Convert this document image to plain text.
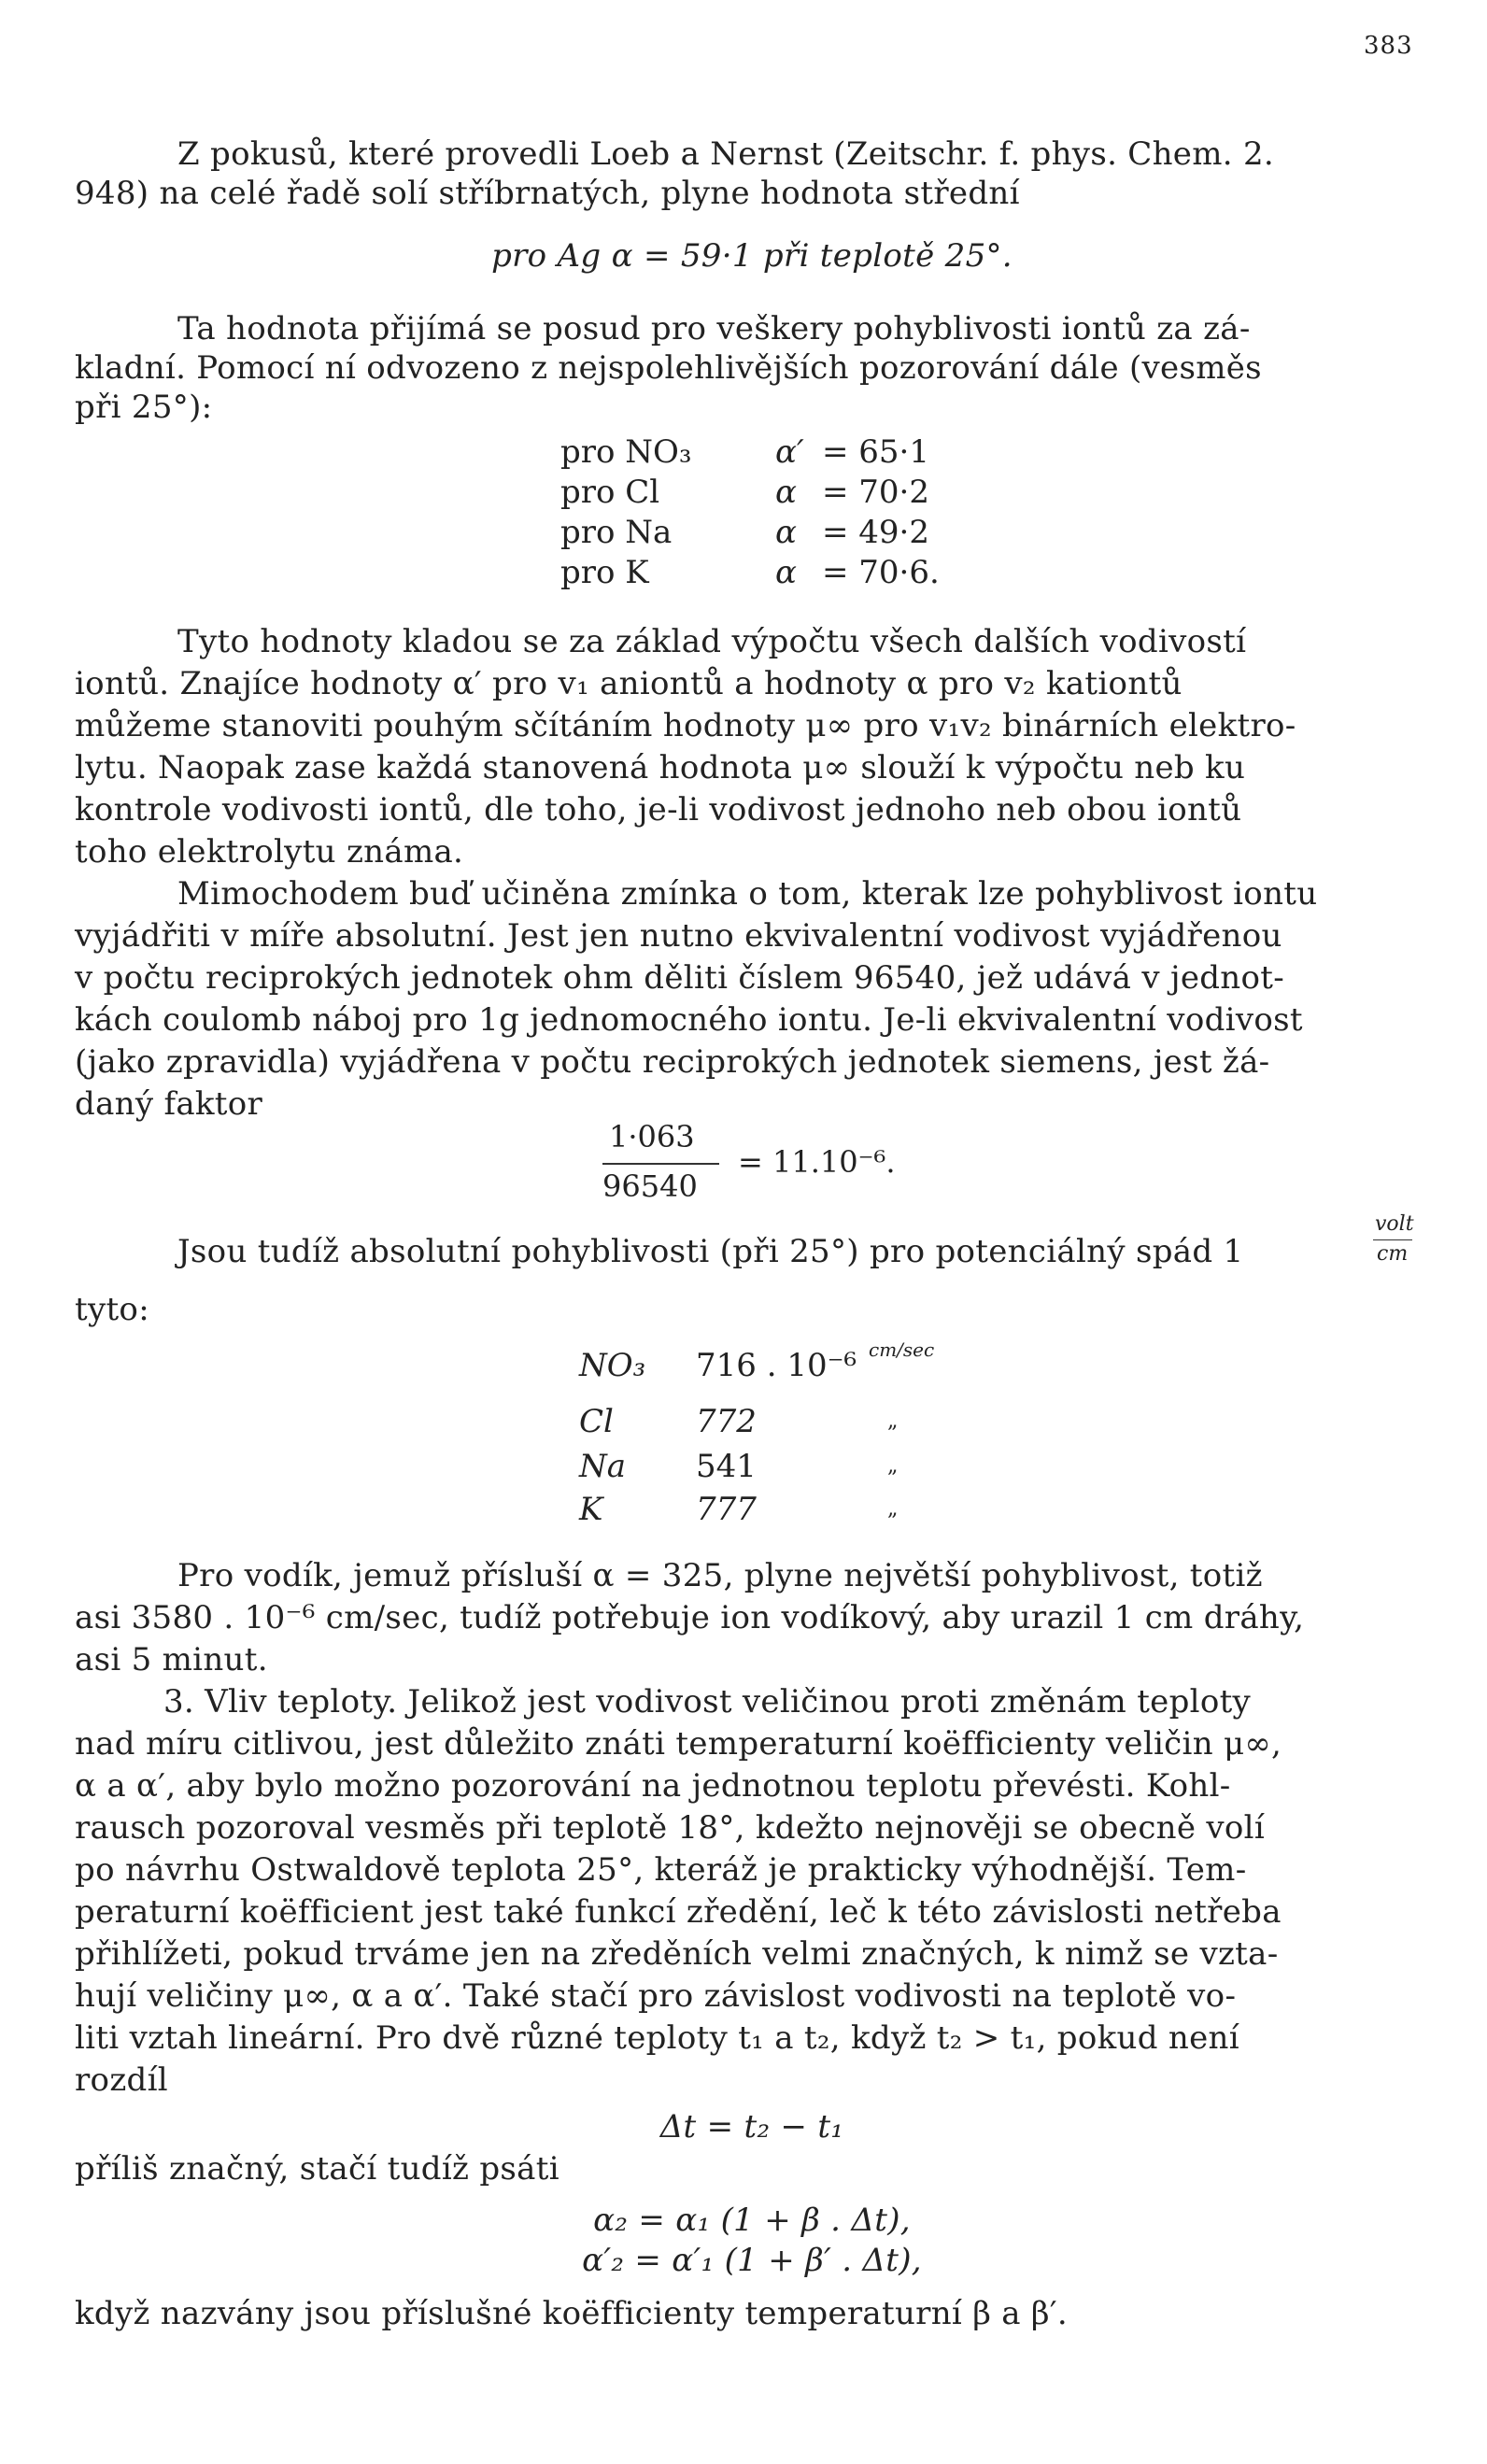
383
Z pokusů, které provedli Loeb a Nernst (Zeitschr. f. phys. Chem. 2.
948) na celé řadě solí stříbrnatých, plyne hodnota střední
pro Ag α = 59·1 při teplotě 25°.
Ta hodnota přijímá se posud pro veškery pohyblivosti iontů za zá-
kladní. Pomocí ní odvozeno z nejspolehlivějších pozorování dále (vesměs
při 25°):
pro NO₃	α′ = 65·1
pro Cl	α = 70·2
pro Na	α = 49·2
pro K	α = 70·6.
Tyto hodnoty kladou se za základ výpočtu všech dalších vodivostí
iontů. Znajíce hodnoty α′ pro v₁ aniontů a hodnoty α pro v₂ kationtů
můžeme stanoviti pouhým sčítáním hodnoty μ∞ pro v₁v₂ binárních elektro-
lytu. Naopak zase každá stanovená hodnota μ∞ slouží k výpočtu neb ku
kontrole vodivosti iontů, dle toho, je-li vodivost jednoho neb obou iontů
toho elektrolytu známa.
Mimochodem buď učiněna zmínka o tom, kterak lze pohyblivost iontu
vyjádřiti v míře absolutní. Jest jen nutno ekvivalentní vodivost vyjádřenou
v počtu reciprokých jednotek ohm děliti číslem 96540, jež udává v jednot-
kách coulomb náboj pro 1g jednomocného iontu. Je-li ekvivalentní vodivost
(jako zpravidla) vyjádřena v počtu reciprokých jednotek siemens, jest žá-
daný faktor
1·063
96540
= 11.10⁻⁶.
Jsou tudíž absolutní pohyblivosti (při 25°) pro potenciálný spád 1
volt
cm
tyto:
NO₃ 716 . 10⁻⁶ cm/sec
Cl	772	„
Na 541	„
K	777	„
Pro vodík, jemuž přísluší α = 325, plyne největší pohyblivost, totiž
asi 3580 . 10⁻⁶ cm/sec, tudíž potřebuje ion vodíkový, aby urazil 1 cm dráhy,
asi 5 minut.
3. Vliv teploty. Jelikož jest vodivost veličinou proti změnám teploty
nad míru citlivou, jest důležito znáti temperaturní koëfficienty veličin μ∞,
α a α′, aby bylo možno pozorování na jednotnou teplotu převésti. Kohl-
rausch pozoroval vesměs při teplotě 18°, kdežto nejnověji se obecně volí
po návrhu Ostwaldově teplota 25°, kteráž je prakticky výhodnější. Tem-
peraturní koëfficient jest také funkcí zředění, leč k této závislosti netřeba
přihlížeti, pokud trváme jen na zředěních velmi značných, k nimž se vzta-
hují veličiny μ∞, α a α′. Také stačí pro závislost vodivosti na teplotě vo-
liti vztah lineární. Pro dvě různé teploty t₁ a t₂, když t₂ > t₁, pokud není
rozdíl
Δt = t₂ − t₁
příliš značný, stačí tudíž psáti
α₂ = α₁ (1 + β . Δt),
α′₂ = α′₁ (1 + β′ . Δt),
když nazvány jsou příslušné koëfficienty temperaturní β a β′.
